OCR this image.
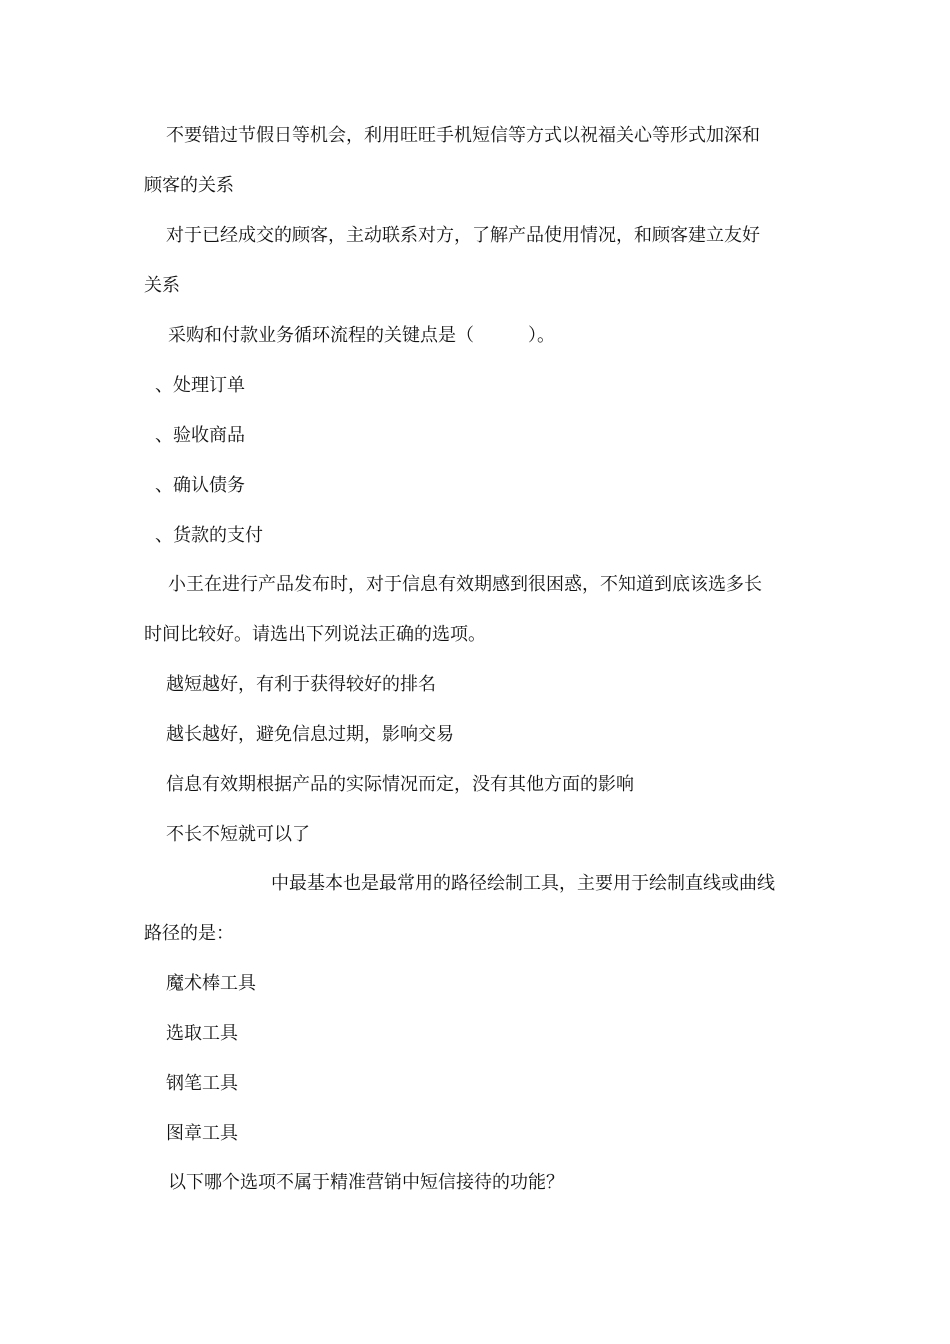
不要错过节假日等机会，利用旺旺手机短信等方式以祝福关心等形式加深和
顾客的关系
对于已经成交的顾客，主动联系对方，了解产品使用情况，和顾客建立友好
关系
采购和付款业务循环流程的关键点是（　　　）。
、处理订单
、验收商品
、确认债务
、货款的支付
小王在进行产品发布时，对于信息有效期感到很困惑，不知道到底该选多长
时间比较好。请选出下列说法正确的选项。
越短越好，有利于获得较好的排名
越长越好，避免信息过期，影响交易
信息有效期根据产品的实际情况而定，没有其他方面的影响
不长不短就可以了
中最基本也是最常用的路径绘制工具，主要用于绘制直线或曲线
路径的是：
魔术棒工具
选取工具
钢笔工具
图章工具
以下哪个选项不属于精准营销中短信接待的功能？
